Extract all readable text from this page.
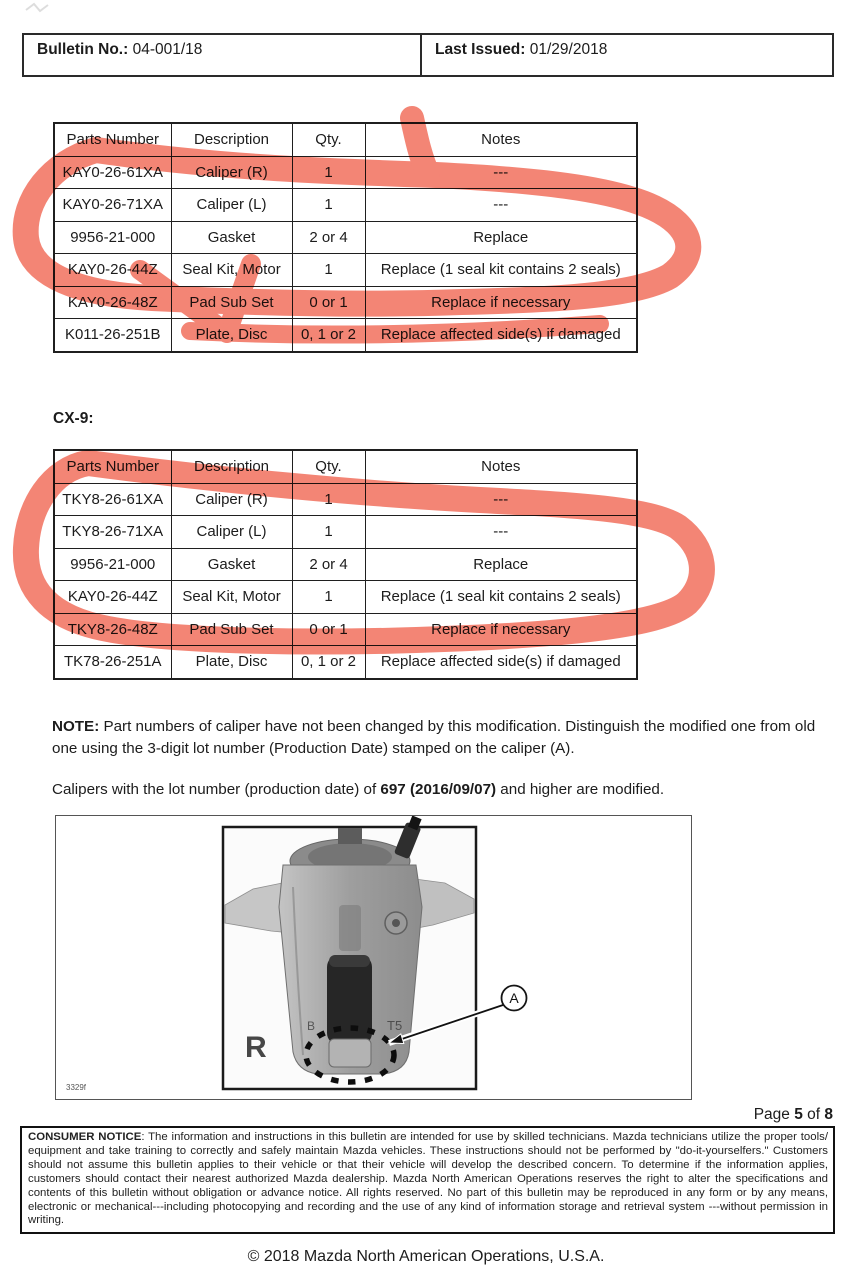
Bulletin No.: 04-001/18	Last Issued: 01/29/2018
Parts Number	Description	Qty.	Notes
KAY0-26-61XA	Caliper (R)	1	---
KAY0-26-71XA	Caliper (L)	1	---
9956-21-000	Gasket	2 or 4	Replace
KAY0-26-44Z	Seal Kit, Motor	1	Replace (1 seal kit contains 2 seals)
KAY0-26-48Z	Pad Sub Set	0 or 1	Replace if necessary
K011-26-251B	Plate, Disc	0, 1 or 2	Replace affected side(s) if damaged
CX-9:
Parts Number	Description	Qty.	Notes
TKY8-26-61XA	Caliper (R)	1	---
TKY8-26-71XA	Caliper (L)	1	---
9956-21-000	Gasket	2 or 4	Replace
KAY0-26-44Z	Seal Kit, Motor	1	Replace (1 seal kit contains 2 seals)
TKY8-26-48Z	Pad Sub Set	0 or 1	Replace if necessary
TK78-26-251A	Plate, Disc	0, 1 or 2	Replace affected side(s) if damaged
NOTE: Part numbers of caliper have not been changed by this modification. Distinguish the modified one from old one using the 3-digit lot number (Production Date) stamped on the caliper (A).
Calipers with the lot number (production date) of 697 (2016/09/07) and higher are modified.
R
B	T5
A
3329f
Page 5 of 8
CONSUMER NOTICE: The information and instructions in this bulletin are intended for use by skilled technicians. Mazda technicians utilize the proper tools/ equipment and take training to correctly and safely maintain Mazda vehicles. These instructions should not be performed by "do-it-yourselfers." Customers should not assume this bulletin applies to their vehicle or that their vehicle will develop the described concern. To determine if the information applies, customers should contact their nearest authorized Mazda dealership. Mazda North American Operations reserves the right to alter the specifications and contents of this bulletin without obligation or advance notice. All rights reserved. No part of this bulletin may be reproduced in any form or by any means, electronic or mechanical---including photocopying and recording and the use of any kind of information storage and retrieval system ---without permission in writing.
© 2018 Mazda North American Operations, U.S.A.
